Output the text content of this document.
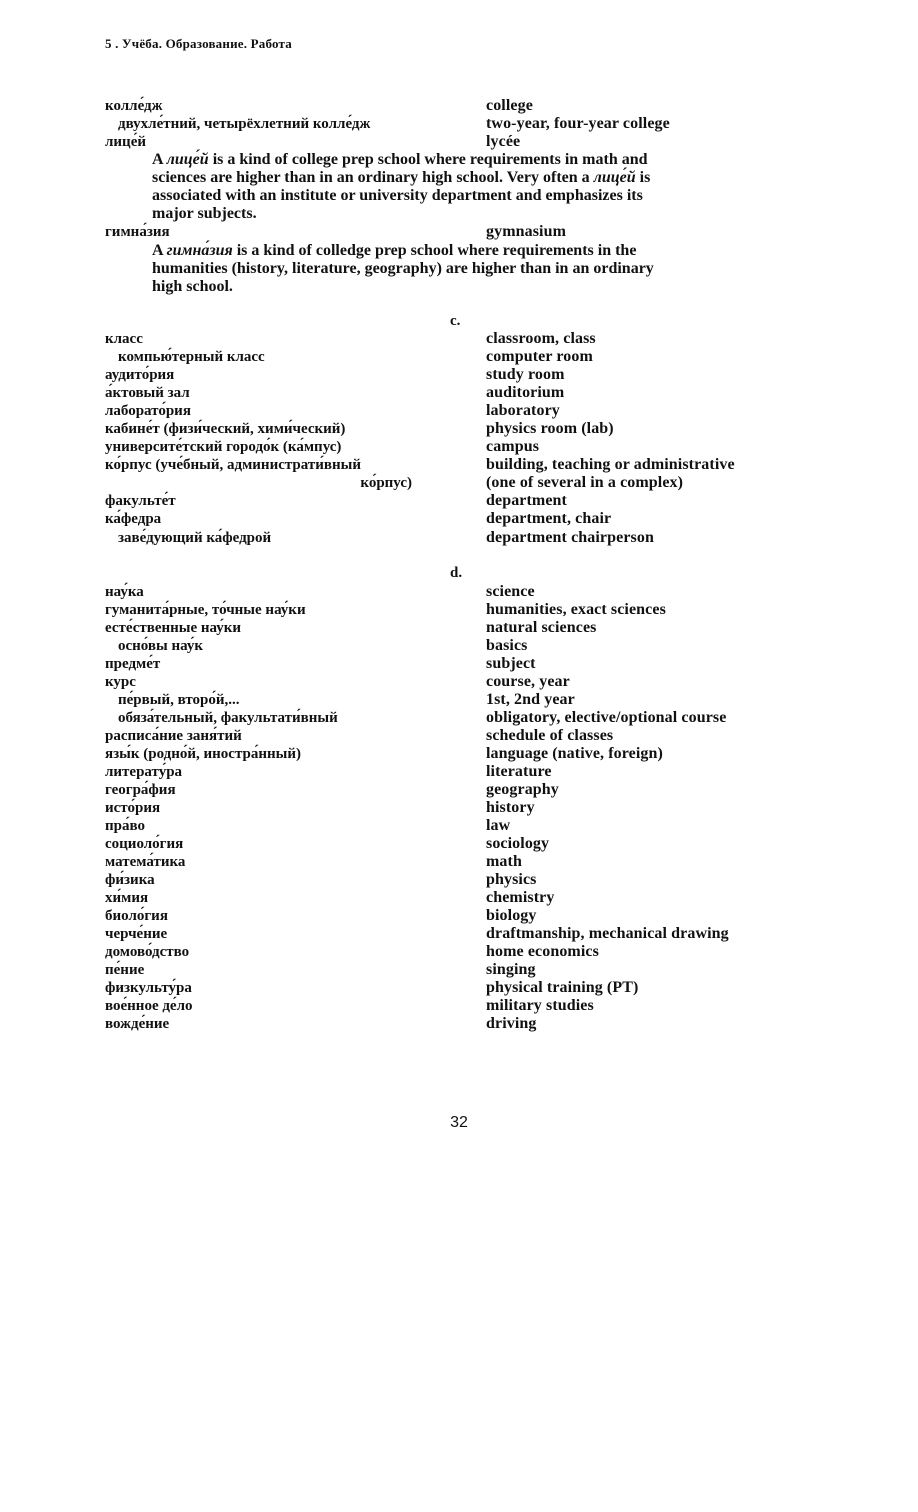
5 . Учёба. Образование. Работа
колле́дж	college
двухле́тний, четырёхлетний колле́дж	two-year, four-year college
лице́й	lycée
A лице́й is a kind of college prep school where requirements in math and
sciences are higher than in an ordinary high school. Very often a лице́й is
associated with an institute or university department and emphasizes its
major subjects.
гимна́зия	gymnasium
A гимна́зия is a kind of colledge prep school where requirements in the
humanities (history, literature, geography) are higher than in an ordinary
high school.
c.
класс	classroom, class
компью́терный класс	computer room
аудито́рия	study room
а́ктовый зал	auditorium
лаборато́рия	laboratory
кабине́т (физи́ческий, хими́ческий)	physics room (lab)
университе́тский городо́к (ка́мпус)	campus
ко́рпус (уче́бный, администрати́вный	building, teaching or administrative
ко́рпус)	(one of several in a complex)
факульте́т	department
ка́федра	department, chair
заве́дующий ка́федрой	department chairperson
d.
нау́ка	science
гуманита́рные, то́чные нау́ки	humanities, exact sciences
есте́ственные нау́ки	natural sciences
осно́вы нау́к	basics
предме́т	subject
курс	course, year
пе́рвый, второ́й,...	1st, 2nd year
обяза́тельный, факультати́вный	obligatory, elective/optional course
расписа́ние заня́тий	schedule of classes
язы́к (родно́й, иностра́нный)	language (native, foreign)
литерату́ра	literature
геогра́фия	geography
исто́рия	history
пра́во	law
социоло́гия	sociology
матема́тика	math
фи́зика	physics
хи́мия	chemistry
биоло́гия	biology
черче́ние	draftmanship, mechanical drawing
домово́дство	home economics
пе́ние	singing
физкульту́ра	physical training (PT)
вое́нное де́ло	military studies
вожде́ние	driving
32
